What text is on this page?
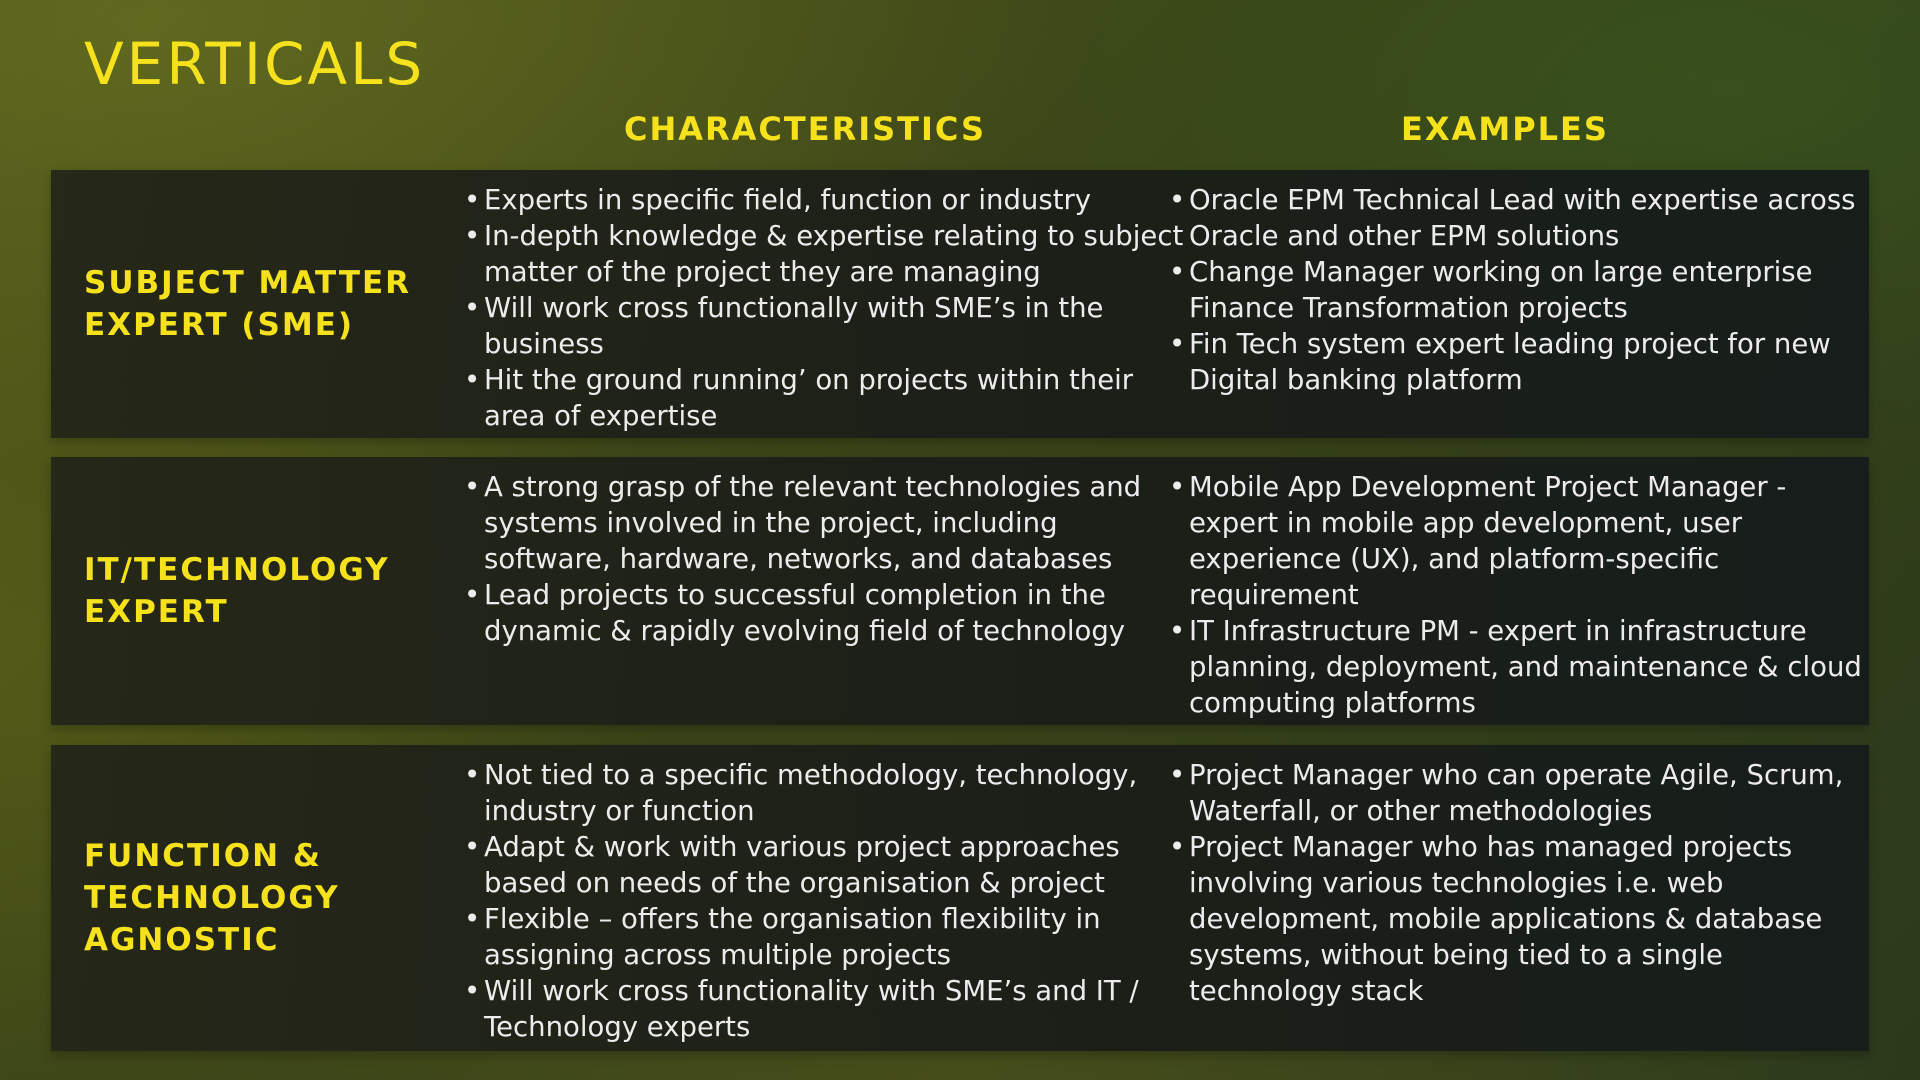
VERTICALS
CHARACTERISTICS	EXAMPLES
SUBJECT MATTER
EXPERT (SME)
• Experts in specific field, function or industry
• In-depth knowledge & expertise relating to subject matter of the project they are managing
• Will work cross functionally with SME’s in the business
• Hit the ground running’ on projects within their area of expertise
• Oracle EPM Technical Lead with expertise across Oracle and other EPM solutions
• Change Manager working on large enterprise Finance Transformation projects
• Fin Tech system expert leading project for new Digital banking platform
IT/TECHNOLOGY
EXPERT
• A strong grasp of the relevant technologies and systems involved in the project, including software, hardware, networks, and databases
• Lead projects to successful completion in the dynamic & rapidly evolving field of technology
• Mobile App Development Project Manager - expert in mobile app development, user experience (UX), and platform-specific requirement
• IT Infrastructure PM - expert in infrastructure planning, deployment, and maintenance & cloud computing platforms
FUNCTION &
TECHNOLOGY
AGNOSTIC
• Not tied to a specific methodology, technology, industry or function
• Adapt & work with various project approaches based on needs of the organisation & project
• Flexible – offers the organisation flexibility in assigning across multiple projects
• Will work cross functionality with SME’s and IT / Technology experts
• Project Manager who can operate Agile, Scrum, Waterfall, or other methodologies
• Project Manager who has managed projects involving various technologies i.e. web development, mobile applications & database systems, without being tied to a single technology stack
